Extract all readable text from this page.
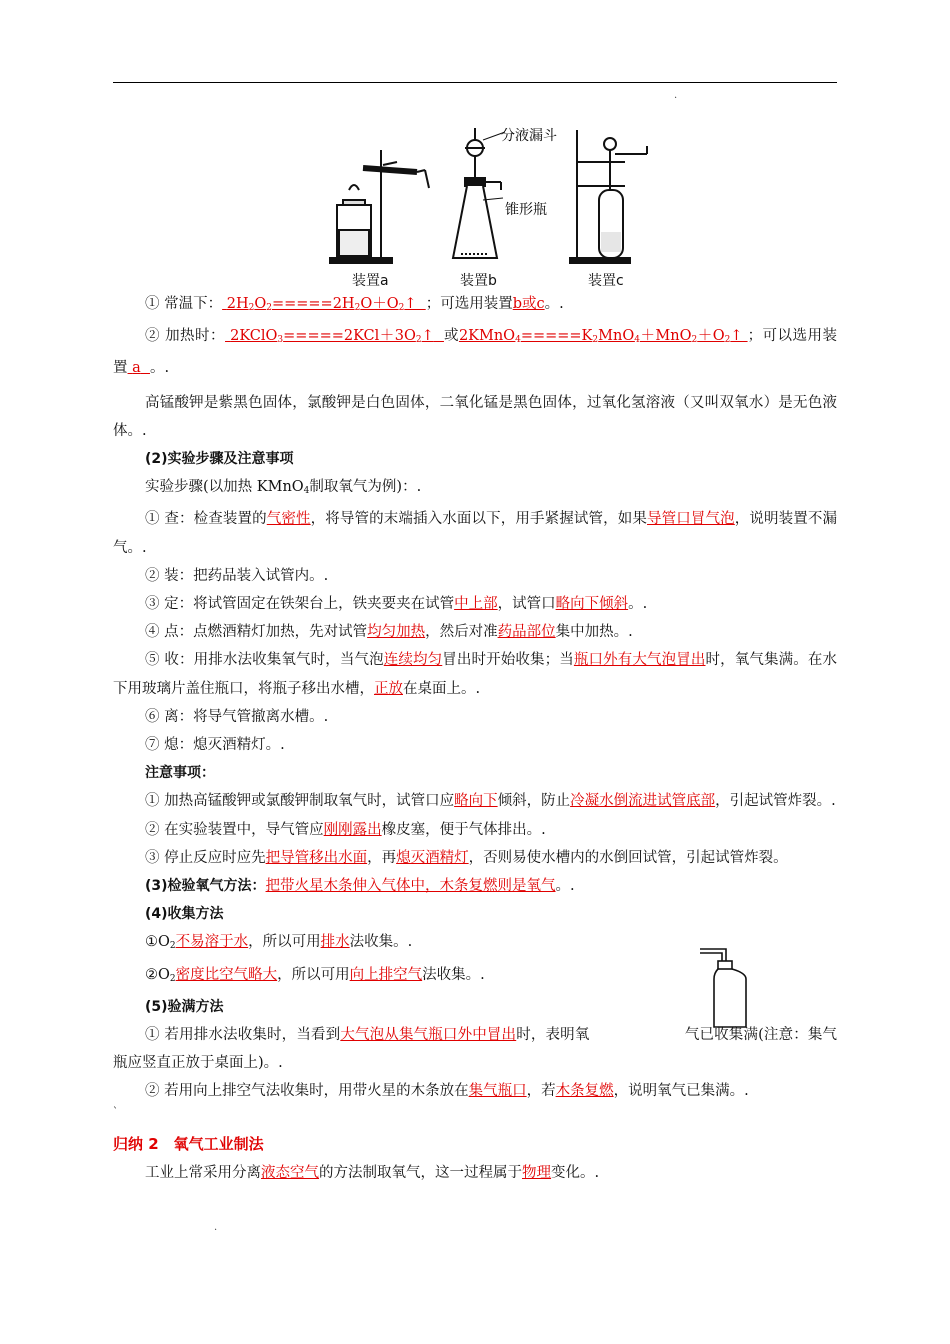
.
分液漏斗
锥形瓶
装置a	装置b	装置c

① 常温下： $2H_2O_2=====2H_2O+O_2↑$ ；可选用装置b或c。.

② 加热时： $2KClO_3=====2KCl+3O_2↑$ 或$2KMnO_4=====K_2MnO_4+MnO_2+O_2↑$ ；可以选用装置 a 。.

高锰酸钾是紫黑色固体，氯酸钾是白色固体，二氧化锰是黑色固体，过氧化氢溶液（又叫双氧水）是无色液体。.

(2)实验步骤及注意事项

实验步骤(以加热 KMnO$_4$制取氧气为例)：.

① 查：检查装置的气密性，将导管的末端插入水面以下，用手紧握试管，如果导管口冒气泡，说明装置不漏气。.

② 装：把药品装入试管内。.

③ 定：将试管固定在铁架台上，铁夹要夹在试管中上部，试管口略向下倾斜。.

④ 点：点燃酒精灯加热，先对试管均匀加热，然后对准药品部位集中加热。.

⑤ 收：用排水法收集氧气时，当气泡连续均匀冒出时开始收集；当瓶口外有大气泡冒出时，氧气集满。在水下用玻璃片盖住瓶口，将瓶子移出水槽，正放在桌面上。.

⑥ 离：将导气管撤离水槽。.

⑦ 熄：熄灭酒精灯。.

注意事项：

① 加热高锰酸钾或氯酸钾制取氧气时，试管口应略向下倾斜，防止冷凝水倒流进试管底部，引起试管炸裂。.

② 在实验装置中，导气管应刚刚露出橡皮塞，便于气体排出。.

③ 停止反应时应先把导管移出水面，再熄灭酒精灯，否则易使水槽内的水倒回试管，引起试管炸裂。

(3)检验氧气方法：把带火星木条伸入气体中，木条复燃则是氧气。.

(4)收集方法

$①O_2$不易溶于水，所以可用排水法收集。.

$②O_2$密度比空气略大，所以可用向上排空气法收集。.

(5)验满方法

① 若用排水法收集时，当看到大气泡从集气瓶口外中冒出时，表明氧	气已收集满(注意：集气瓶应竖直正放于桌面上)。.

② 若用向上排空气法收集时，用带火星的木条放在集气瓶口，若木条复燃，说明氧气已集满。.

`

归纳 2　氧气工业制法

工业上常采用分离液态空气的方法制取氧气，这一过程属于物理变化。.

.
